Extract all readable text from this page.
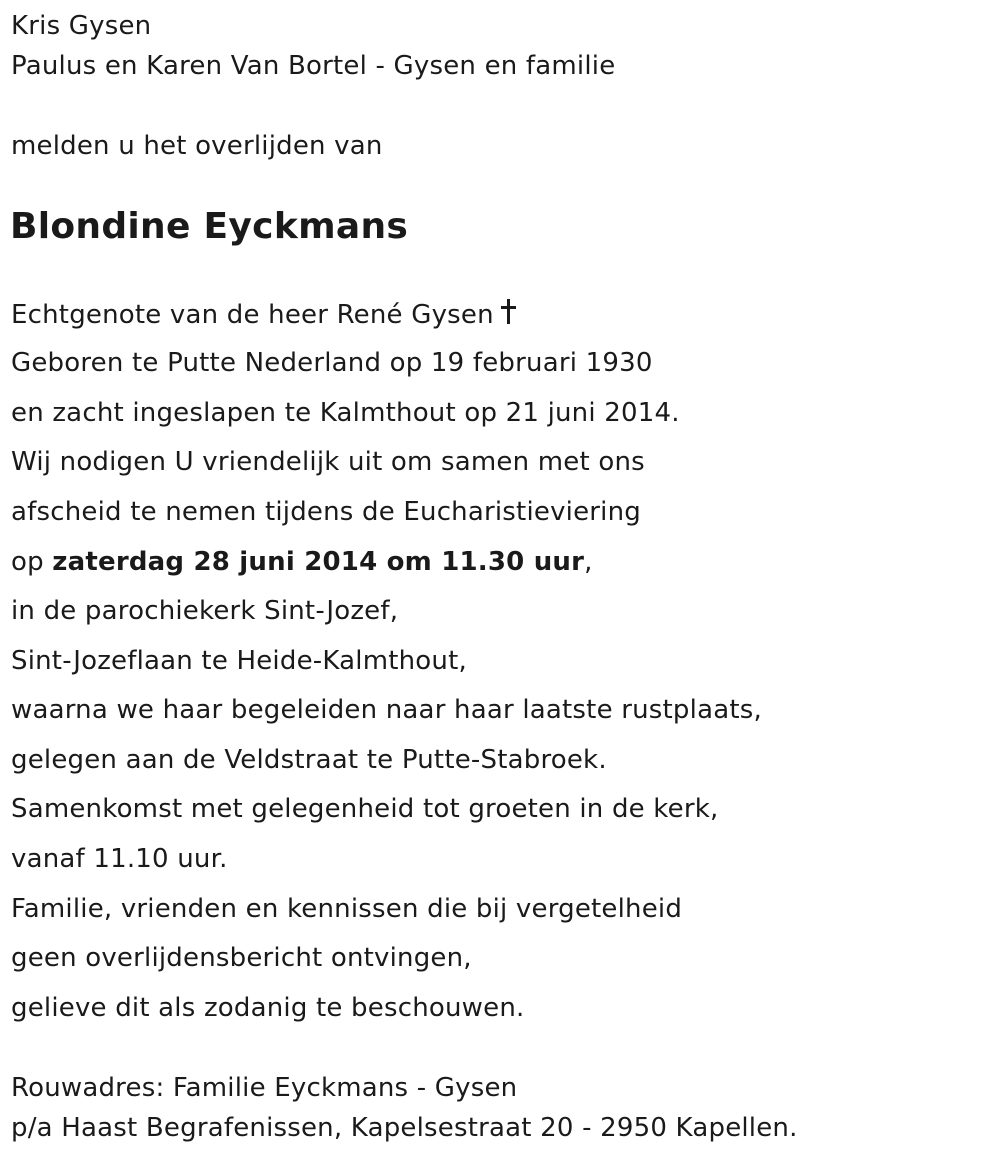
Kris Gysen
Paulus en Karen Van Bortel - Gysen en familie
melden u het overlijden van
Blondine Eyckmans
Echtgenote van de heer René Gysen
Geboren te Putte Nederland op 19 februari 1930
en zacht ingeslapen te Kalmthout op 21 juni 2014.
Wij nodigen U vriendelijk uit om samen met ons
afscheid te nemen tijdens de Eucharistieviering
op zaterdag 28 juni 2014 om 11.30 uur,
in de parochiekerk Sint-Jozef,
Sint-Jozeflaan te Heide-Kalmthout,
waarna we haar begeleiden naar haar laatste rustplaats,
gelegen aan de Veldstraat te Putte-Stabroek.
Samenkomst met gelegenheid tot groeten in de kerk,
vanaf 11.10 uur.
Familie, vrienden en kennissen die bij vergetelheid
geen overlijdensbericht ontvingen,
gelieve dit als zodanig te beschouwen.
Rouwadres: Familie Eyckmans - Gysen
p/a Haast Begrafenissen, Kapelsestraat 20 - 2950 Kapellen.
